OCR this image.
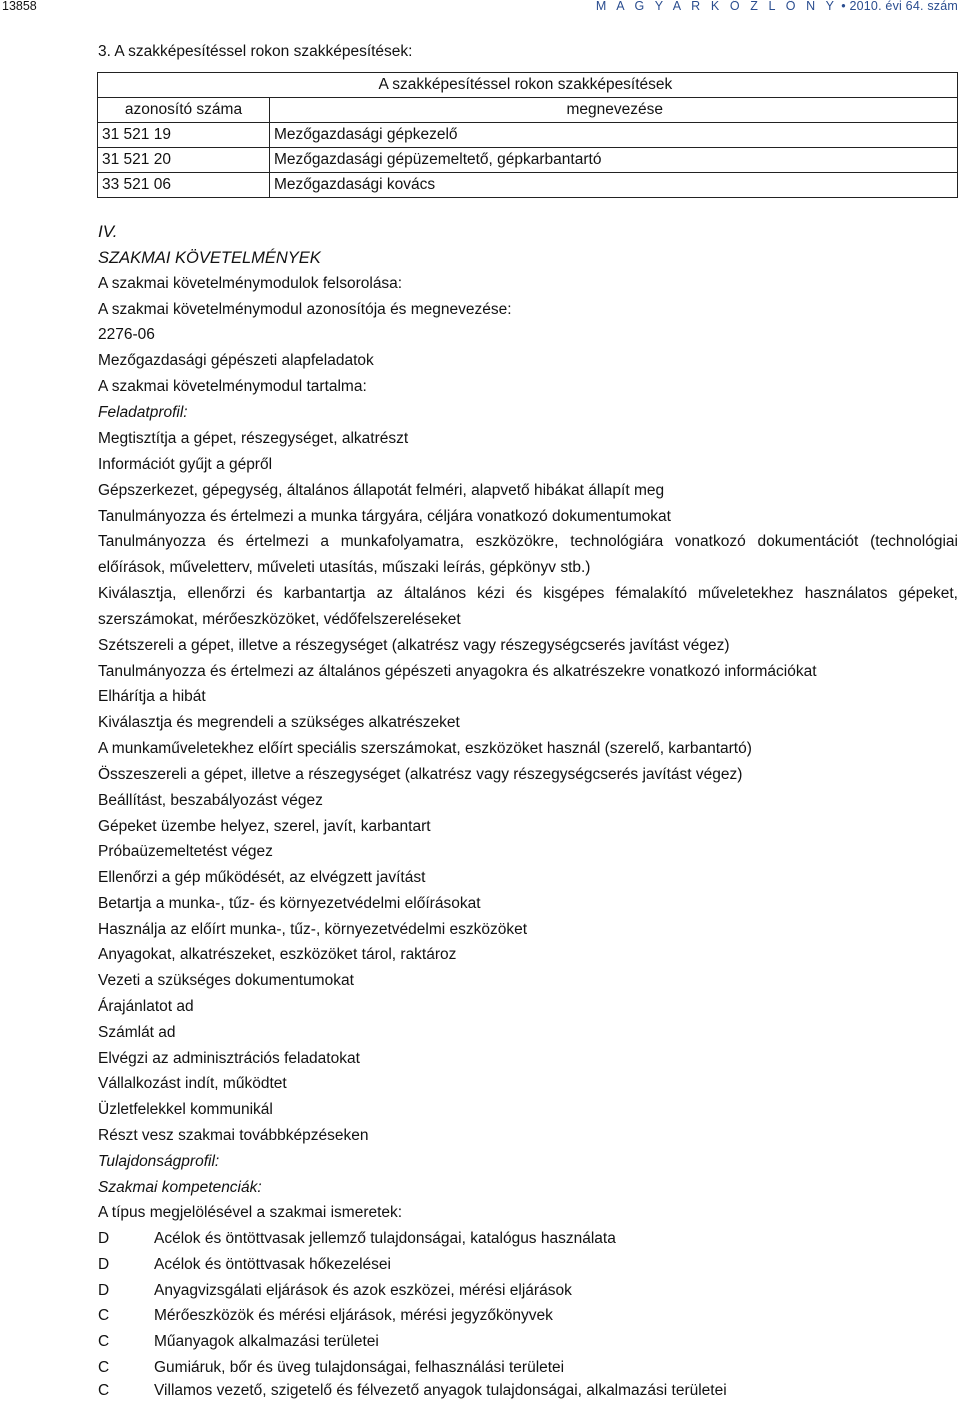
13858	M A G Y A R K Ö Z L Ö N Y • 2010. évi 64. szám
3. A szakképesítéssel rokon szakképesítések:
	A szakképesítéssel rokon szakképesítések
azonosító száma	megnevezése
31 521 19	Mezőgazdasági gépkezelő
31 521 20	Mezőgazdasági gépüzemeltető, gépkarbantartó
33 521 06	Mezőgazdasági kovács
IV.
SZAKMAI KÖVETELMÉNYEK
A szakmai követelménymodulok felsorolása:
A szakmai követelménymodul azonosítója és megnevezése:
2276-06
Mezőgazdasági gépészeti alapfeladatok
A szakmai követelménymodul tartalma:
Feladatprofil:
Megtisztítja a gépet, részegységet, alkatrészt
Információt gyűjt a gépről
Gépszerkezet, gépegység, általános állapotát felméri, alapvető hibákat állapít meg
Tanulmányozza és értelmezi a munka tárgyára, céljára vonatkozó dokumentumokat
Tanulmányozza és értelmezi a munkafolyamatra, eszközökre, technológiára vonatkozó dokumentációt (technológiai előírások, műveletterv, műveleti utasítás, műszaki leírás, gépkönyv stb.)
Kiválasztja, ellenőrzi és karbantartja az általános kézi és kisgépes fémalakító műveletekhez használatos gépeket, szerszámokat, mérőeszközöket, védőfelszereléseket
Szétszereli a gépet, illetve a részegységet (alkatrész vagy részegységcserés javítást végez)
Tanulmányozza és értelmezi az általános gépészeti anyagokra és alkatrészekre vonatkozó információkat
Elhárítja a hibát
Kiválasztja és megrendeli a szükséges alkatrészeket
A munkaműveletekhez előírt speciális szerszámokat, eszközöket használ (szerelő, karbantartó)
Összeszereli a gépet, illetve a részegységet (alkatrész vagy részegységcserés javítást végez)
Beállítást, beszabályozást végez
Gépeket üzembe helyez, szerel, javít, karbantart
Próbaüzemeltetést végez
Ellenőrzi a gép működését, az elvégzett javítást
Betartja a munka-, tűz- és környezetvédelmi előírásokat
Használja az előírt munka-, tűz-, környezetvédelmi eszközöket
Anyagokat, alkatrészeket, eszközöket tárol, raktároz
Vezeti a szükséges dokumentumokat
Árajánlatot ad
Számlát ad
Elvégzi az adminisztrációs feladatokat
Vállalkozást indít, működtet
Üzletfelekkel kommunikál
Részt vesz szakmai továbbképzéseken
Tulajdonságprofil:
Szakmai kompetenciák:
A típus megjelölésével a szakmai ismeretek:
D	Acélok és öntöttvasak jellemző tulajdonságai, katalógus használata
D	Acélok és öntöttvasak hőkezelései
D	Anyagvizsgálati eljárások és azok eszközei, mérési eljárások
C	Mérőeszközök és mérési eljárások, mérési jegyzőkönyvek
C	Műanyagok alkalmazási területei
C	Gumiáruk, bőr és üveg tulajdonságai, felhasználási területei
C	Villamos vezető, szigetelő és félvezető anyagok tulajdonságai, alkalmazási területei
